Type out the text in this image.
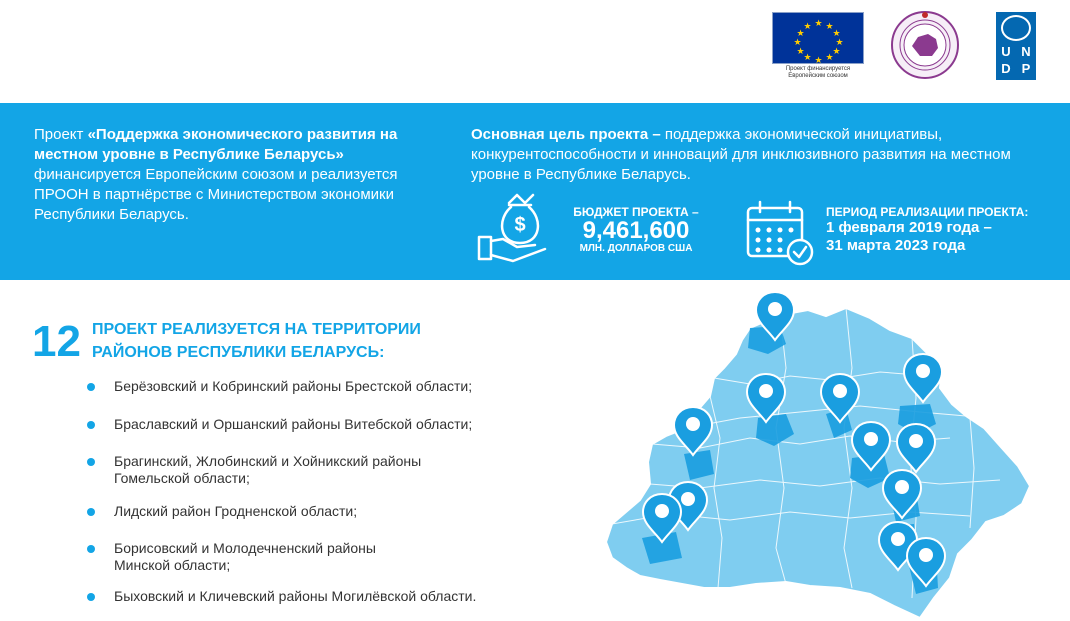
★ ★
★
★
★
★
★
★
★
★
★
★
Проект финансируется
Европейским союзом
U N
D P
Проект «Поддержка экономического развития на местном уровне в Республике Беларусь» финансируется Европейским союзом и реализуется ПРООН в партнёрстве с Министерством экономики Республики Беларусь.
Основная цель проекта – поддержка экономической инициативы, конкурентоспособности и инноваций для инклюзивного развития на местном уровне в Республике Беларусь.
$
БЮДЖЕТ ПРОЕКТА –
9,461,600
МЛН. ДОЛЛАРОВ США
ПЕРИОД РЕАЛИЗАЦИИ ПРОЕКТА:
1 февраля 2019 года –
31 марта 2023 года
12 ПРОЕКТ РЕАЛИЗУЕТСЯ НА ТЕРРИТОРИИ
РАЙОНОВ РЕСПУБЛИКИ БЕЛАРУСЬ:
Берёзовский и Кобринский районы Брестской области;
Браславский и Оршанский районы Витебской области;
Брагинский, Жлобинский и Хойникский районы
Гомельской области;
Лидский район Гродненской области;
Борисовский и Молодечненский районы
Минской области;
Быховский и Кличевский районы Могилёвской области.
